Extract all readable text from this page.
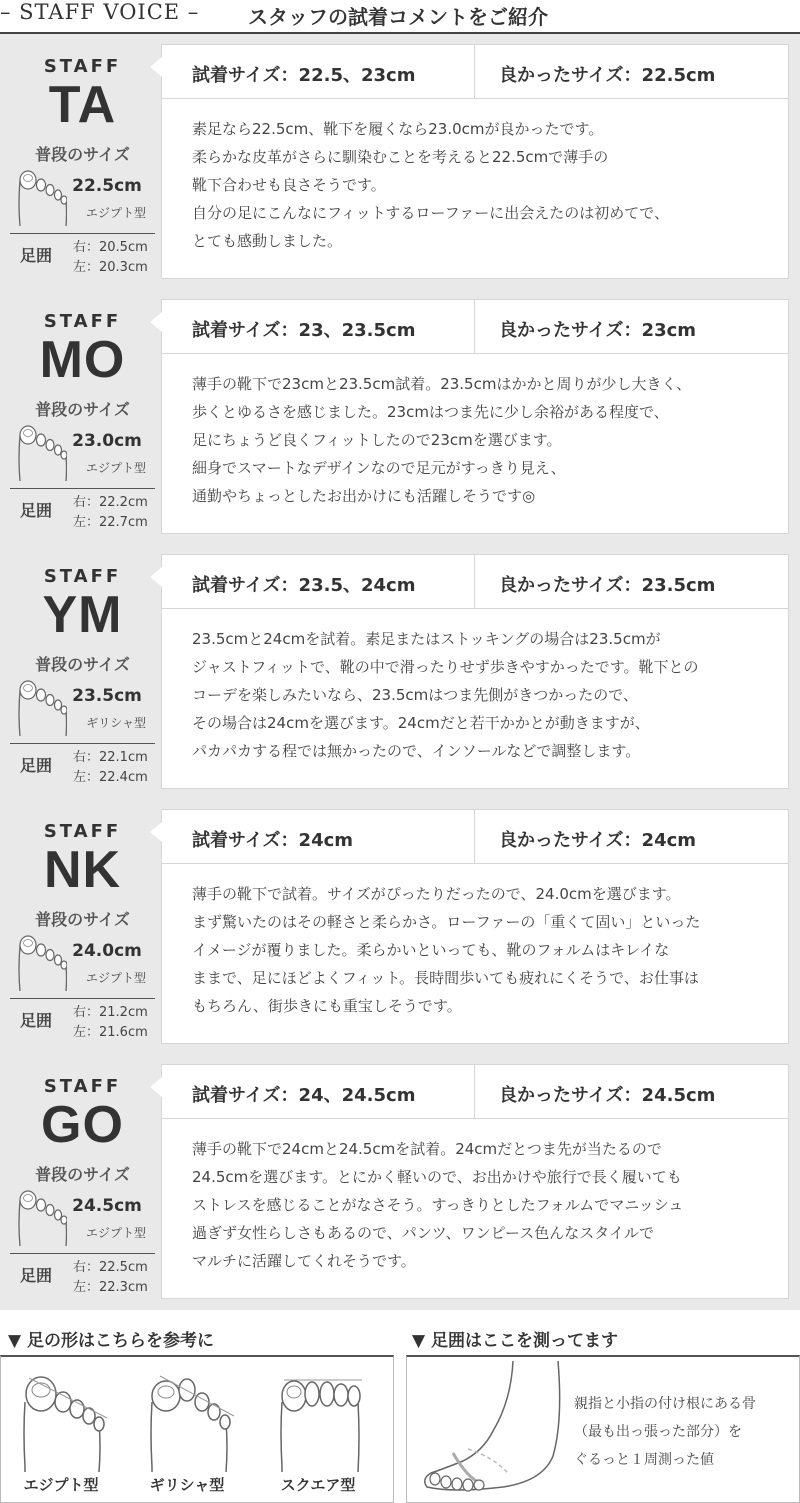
– STAFF VOICE – スタッフの試着コメントをご紹介
STAFF
TA
普段のサイズ
22.5cm
エジプト型
足囲 右：20.5cm
左：20.3cm
試着サイズ：22.5、23cm	良かったサイズ：22.5cm
素足なら22.5cm、靴下を履くなら23.0cmが良かったです。
柔らかな皮革がさらに馴染むことを考えると22.5cmで薄手の
靴下合わせも良さそうです。
自分の足にこんなにフィットするローファーに出会えたのは初めてで、
とても感動しました。
STAFF
MO
普段のサイズ
23.0cm
エジプト型
足囲 右：22.2cm
左：22.7cm
試着サイズ：23、23.5cm	良かったサイズ：23cm
薄手の靴下で23cmと23.5cm試着。23.5cmはかかと周りが少し大きく、
歩くとゆるさを感じました。23cmはつま先に少し余裕がある程度で、
足にちょうど良くフィットしたので23cmを選びます。
細身でスマートなデザインなので足元がすっきり見え、
通勤やちょっとしたお出かけにも活躍しそうです◎
STAFF
YM
普段のサイズ
23.5cm
ギリシャ型
足囲 右：22.1cm
左：22.4cm
試着サイズ：23.5、24cm	良かったサイズ：23.5cm
23.5cmと24cmを試着。素足またはストッキングの場合は23.5cmが
ジャストフィットで、靴の中で滑ったりせず歩きやすかったです。靴下との
コーデを楽しみたいなら、23.5cmはつま先側がきつかったので、
その場合は24cmを選びます。24cmだと若干かかとが動きますが、
パカパカする程では無かったので、インソールなどで調整します。
STAFF
NK
普段のサイズ
24.0cm
エジプト型
足囲 右：21.2cm
左：21.6cm
試着サイズ：24cm	良かったサイズ：24cm
薄手の靴下で試着。サイズがぴったりだったので、24.0cmを選びます。
まず驚いたのはその軽さと柔らかさ。ローファーの「重くて固い」といった
イメージが覆りました。柔らかいといっても、靴のフォルムはキレイな
ままで、足にほどよくフィット。長時間歩いても疲れにくそうで、お仕事は
もちろん、街歩きにも重宝しそうです。
STAFF
GO
普段のサイズ
24.5cm
エジプト型
足囲 右：22.5cm
左：22.3cm
試着サイズ：24、24.5cm	良かったサイズ：24.5cm
薄手の靴下で24cmと24.5cmを試着。24cmだとつま先が当たるので
24.5cmを選びます。とにかく軽いので、お出かけや旅行で長く履いても
ストレスを感じることがなさそう。すっきりとしたフォルムでマニッシュ
過ぎず女性らしさもあるので、パンツ、ワンピース色んなスタイルで
マルチに活躍してくれそうです。
▼ 足の形はこちらを参考に
エジプト型	ギリシャ型	スクエア型
▼ 足囲はここを測ってます
親指と小指の付け根にある骨
（最も出っ張った部分）を
ぐるっと１周測った値
